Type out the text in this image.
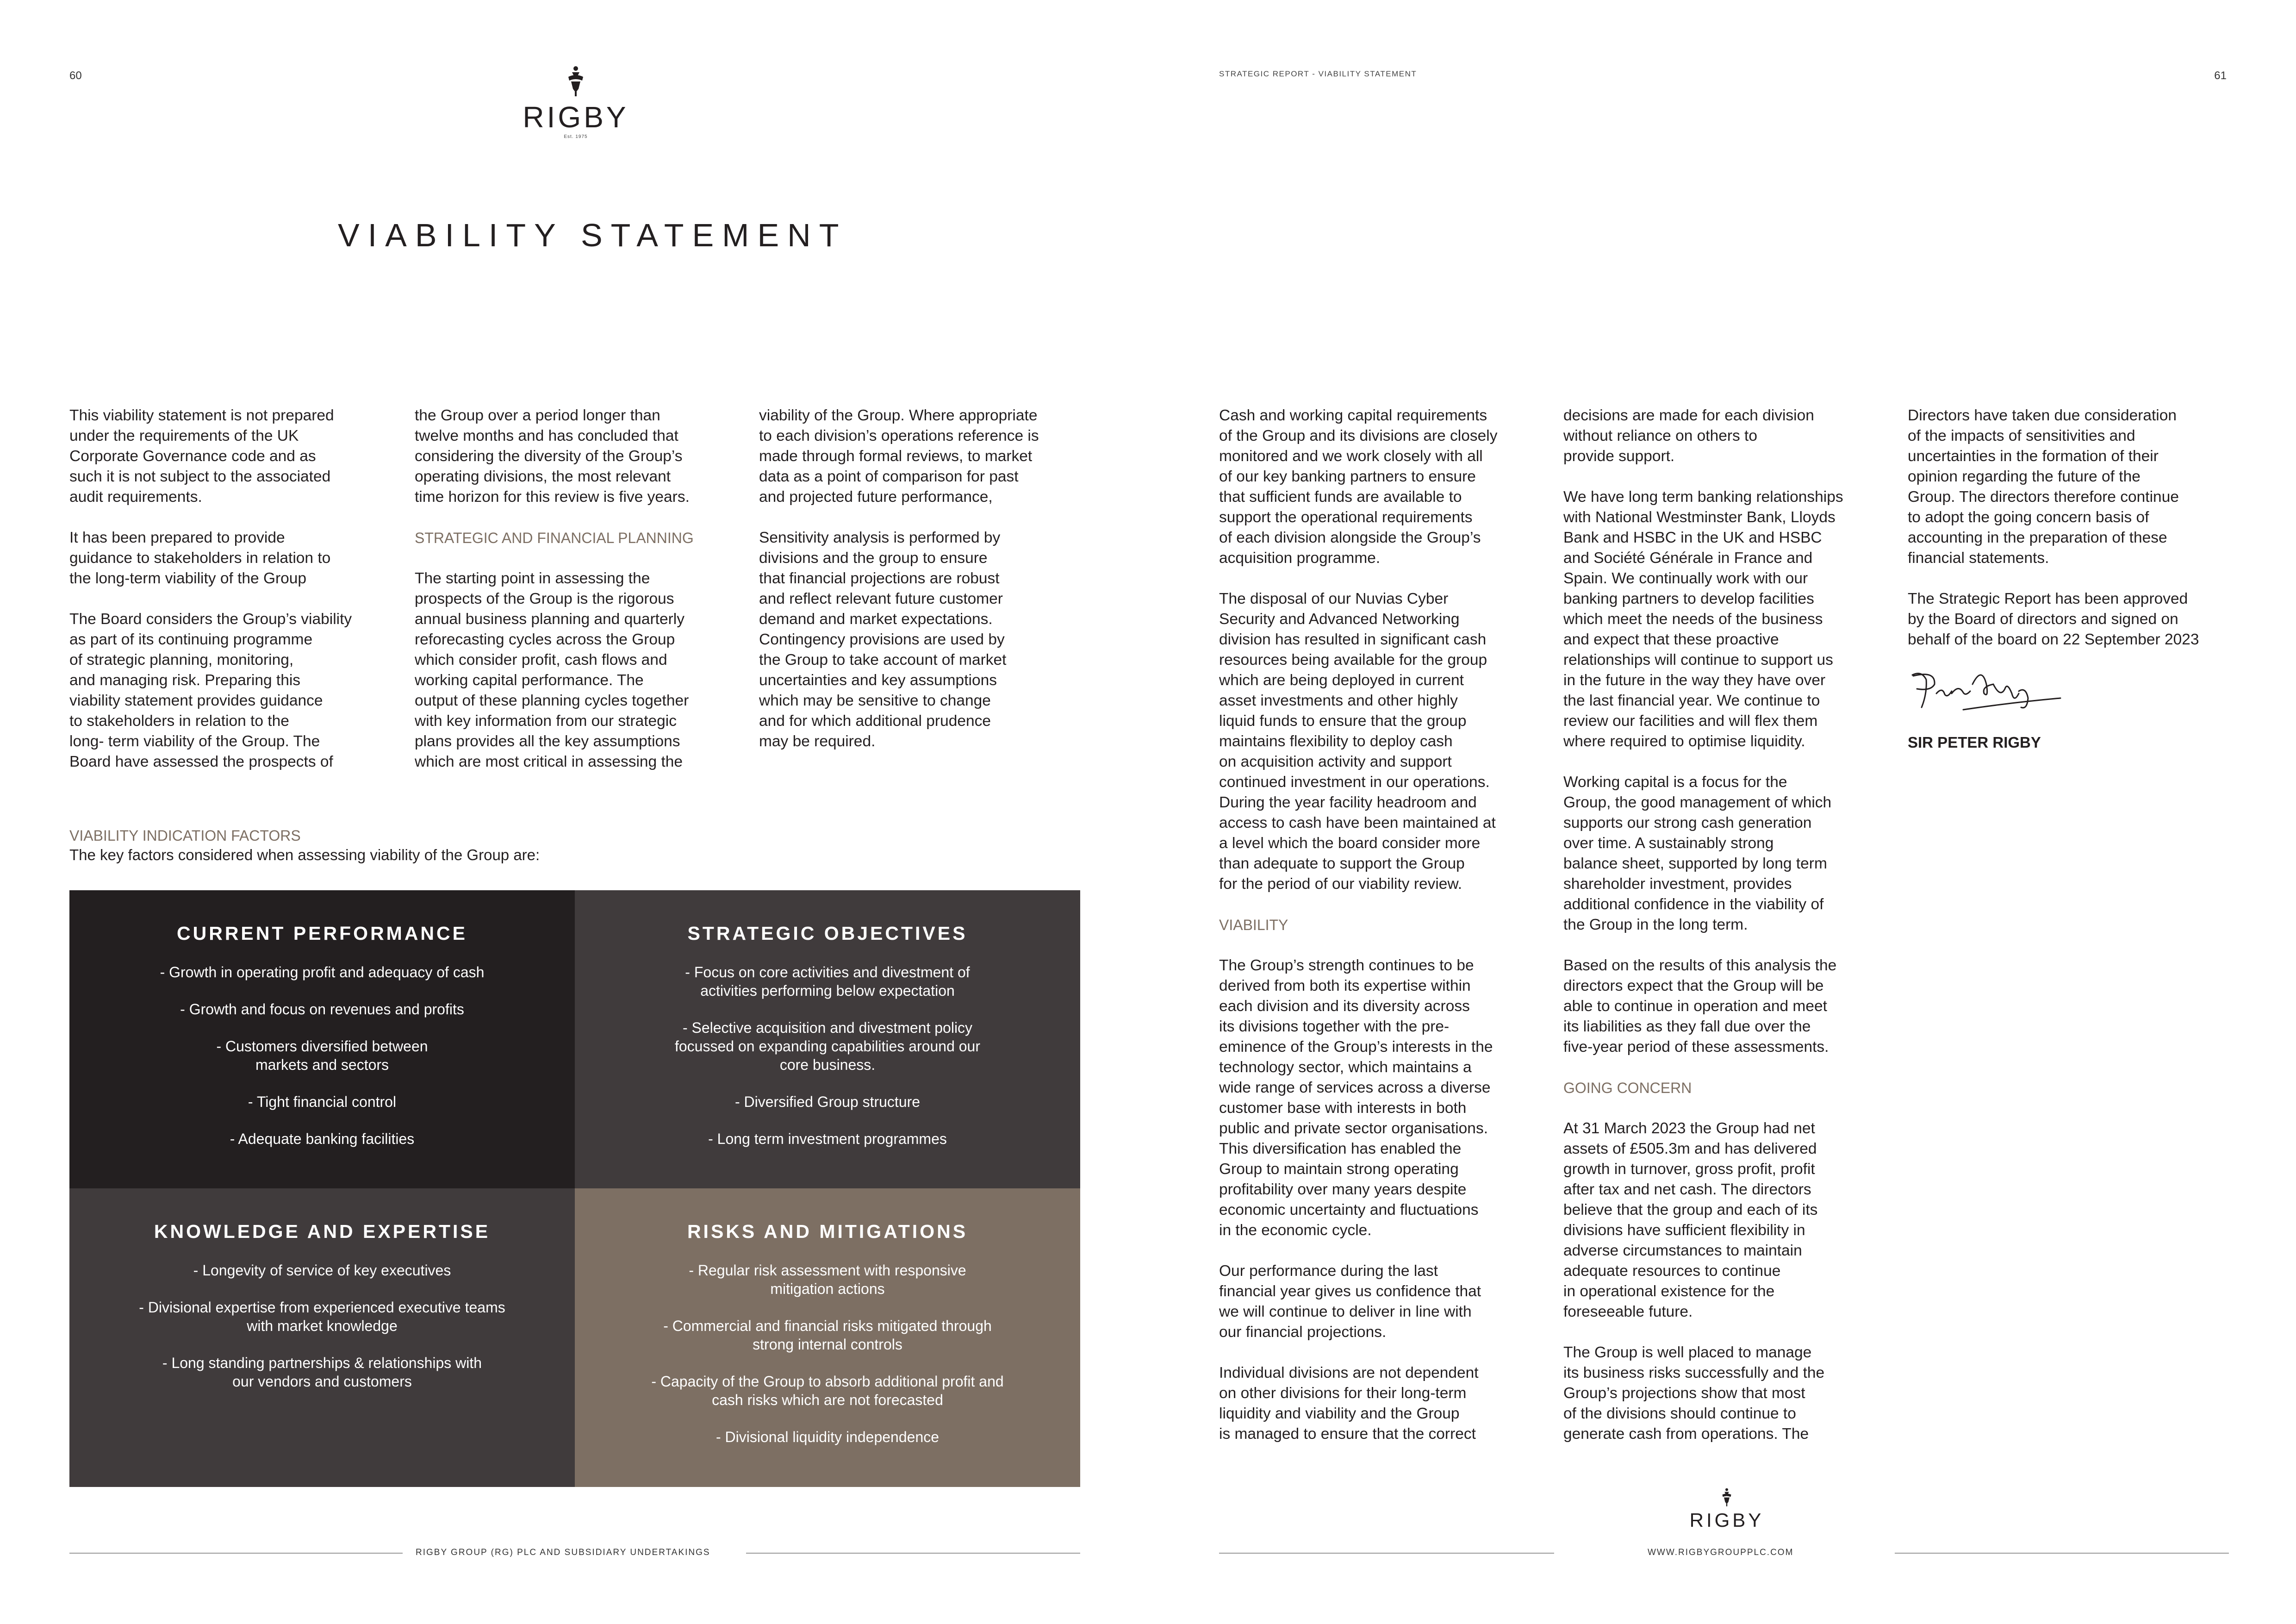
60	61
STRATEGIC REPORT - VIABILITY STATEMENT
RIGBY
Est. 1975
VIABILITY STATEMENT

This viability statement is not prepared
under the requirements of the UK
Corporate Governance code and as
such it is not subject to the associated
audit requirements.

It has been prepared to provide
guidance to stakeholders in relation to
the long-term viability of the Group

The Board considers the Group’s viability
as part of its continuing programme
of strategic planning, monitoring,
and managing risk. Preparing this
viability statement provides guidance
to stakeholders in relation to the
long- term viability of the Group. The
Board have assessed the prospects of

the Group over a period longer than
twelve months and has concluded that
considering the diversity of the Group’s
operating divisions, the most relevant
time horizon for this review is five years.

STRATEGIC AND FINANCIAL PLANNING

The starting point in assessing the
prospects of the Group is the rigorous
annual business planning and quarterly
reforecasting cycles across the Group
which consider profit, cash flows and
working capital performance. The
output of these planning cycles together
with key information from our strategic
plans provides all the key assumptions
which are most critical in assessing the

viability of the Group. Where appropriate
to each division’s operations reference is
made through formal reviews, to market
data as a point of comparison for past
and projected future performance,

Sensitivity analysis is performed by
divisions and the group to ensure
that financial projections are robust
and reflect relevant future customer
demand and market expectations.
Contingency provisions are used by
the Group to take account of market
uncertainties and key assumptions
which may be sensitive to change
and for which additional prudence
may be required.

VIABILITY INDICATION FACTORS
The key factors considered when assessing viability of the Group are:
CURRENT PERFORMANCE
- Growth in operating profit and adequacy of cash
- Growth and focus on revenues and profits
- Customers diversified between markets and sectors
- Tight financial control
- Adequate banking facilities
STRATEGIC OBJECTIVES
- Focus on core activities and divestment of activities performing below expectation
- Selective acquisition and divestment policy focussed on expanding capabilities around our core business.
- Diversified Group structure
- Long term investment programmes
KNOWLEDGE AND EXPERTISE
- Longevity of service of key executives
- Divisional expertise from experienced executive teams with market knowledge
- Long standing partnerships & relationships with our vendors and customers
RISKS AND MITIGATIONS
- Regular risk assessment with responsive mitigation actions
- Commercial and financial risks mitigated through strong internal controls
- Capacity of the Group to absorb additional profit and cash risks which are not forecasted
- Divisional liquidity independence

Cash and working capital requirements
of the Group and its divisions are closely
monitored and we work closely with all
of our key banking partners to ensure
that sufficient funds are available to
support the operational requirements
of each division alongside the Group’s
acquisition programme.

The disposal of our Nuvias Cyber
Security and Advanced Networking
division has resulted in significant cash
resources being available for the group
which are being deployed in current
asset investments and other highly
liquid funds to ensure that the group
maintains flexibility to deploy cash
on acquisition activity and support
continued investment in our operations.
During the year facility headroom and
access to cash have been maintained at
a level which the board consider more
than adequate to support the Group
for the period of our viability review.

VIABILITY

The Group’s strength continues to be
derived from both its expertise within
each division and its diversity across
its divisions together with the pre-
eminence of the Group’s interests in the
technology sector, which maintains a
wide range of services across a diverse
customer base with interests in both
public and private sector organisations.
This diversification has enabled the
Group to maintain strong operating
profitability over many years despite
economic uncertainty and fluctuations
in the economic cycle.

Our performance during the last
financial year gives us confidence that
we will continue to deliver in line with
our financial projections.

Individual divisions are not dependent
on other divisions for their long-term
liquidity and viability and the Group
is managed to ensure that the correct

decisions are made for each division
without reliance on others to
provide support.

We have long term banking relationships
with National Westminster Bank, Lloyds
Bank and HSBC in the UK and HSBC
and Société Générale in France and
Spain. We continually work with our
banking partners to develop facilities
which meet the needs of the business
and expect that these proactive
relationships will continue to support us
in the future in the way they have over
the last financial year. We continue to
review our facilities and will flex them
where required to optimise liquidity.

Working capital is a focus for the
Group, the good management of which
supports our strong cash generation
over time. A sustainably strong
balance sheet, supported by long term
shareholder investment, provides
additional confidence in the viability of
the Group in the long term.

Based on the results of this analysis the
directors expect that the Group will be
able to continue in operation and meet
its liabilities as they fall due over the
five-year period of these assessments.

GOING CONCERN

At 31 March 2023 the Group had net
assets of £505.3m and has delivered
growth in turnover, gross profit, profit
after tax and net cash. The directors
believe that the group and each of its
divisions have sufficient flexibility in
adverse circumstances to maintain
adequate resources to continue
in operational existence for the
foreseeable future.

The Group is well placed to manage
its business risks successfully and the
Group’s projections show that most
of the divisions should continue to
generate cash from operations. The

Directors have taken due consideration
of the impacts of sensitivities and
uncertainties in the formation of their
opinion regarding the future of the
Group. The directors therefore continue
to adopt the going concern basis of
accounting in the preparation of these
financial statements.

The Strategic Report has been approved
by the Board of directors and signed on
behalf of the board on 22 September 2023

SIR PETER RIGBY
RIGBY
RIGBY GROUP (RG) PLC AND SUBSIDIARY UNDERTAKINGS	WWW.RIGBYGROUPPLC.COM
